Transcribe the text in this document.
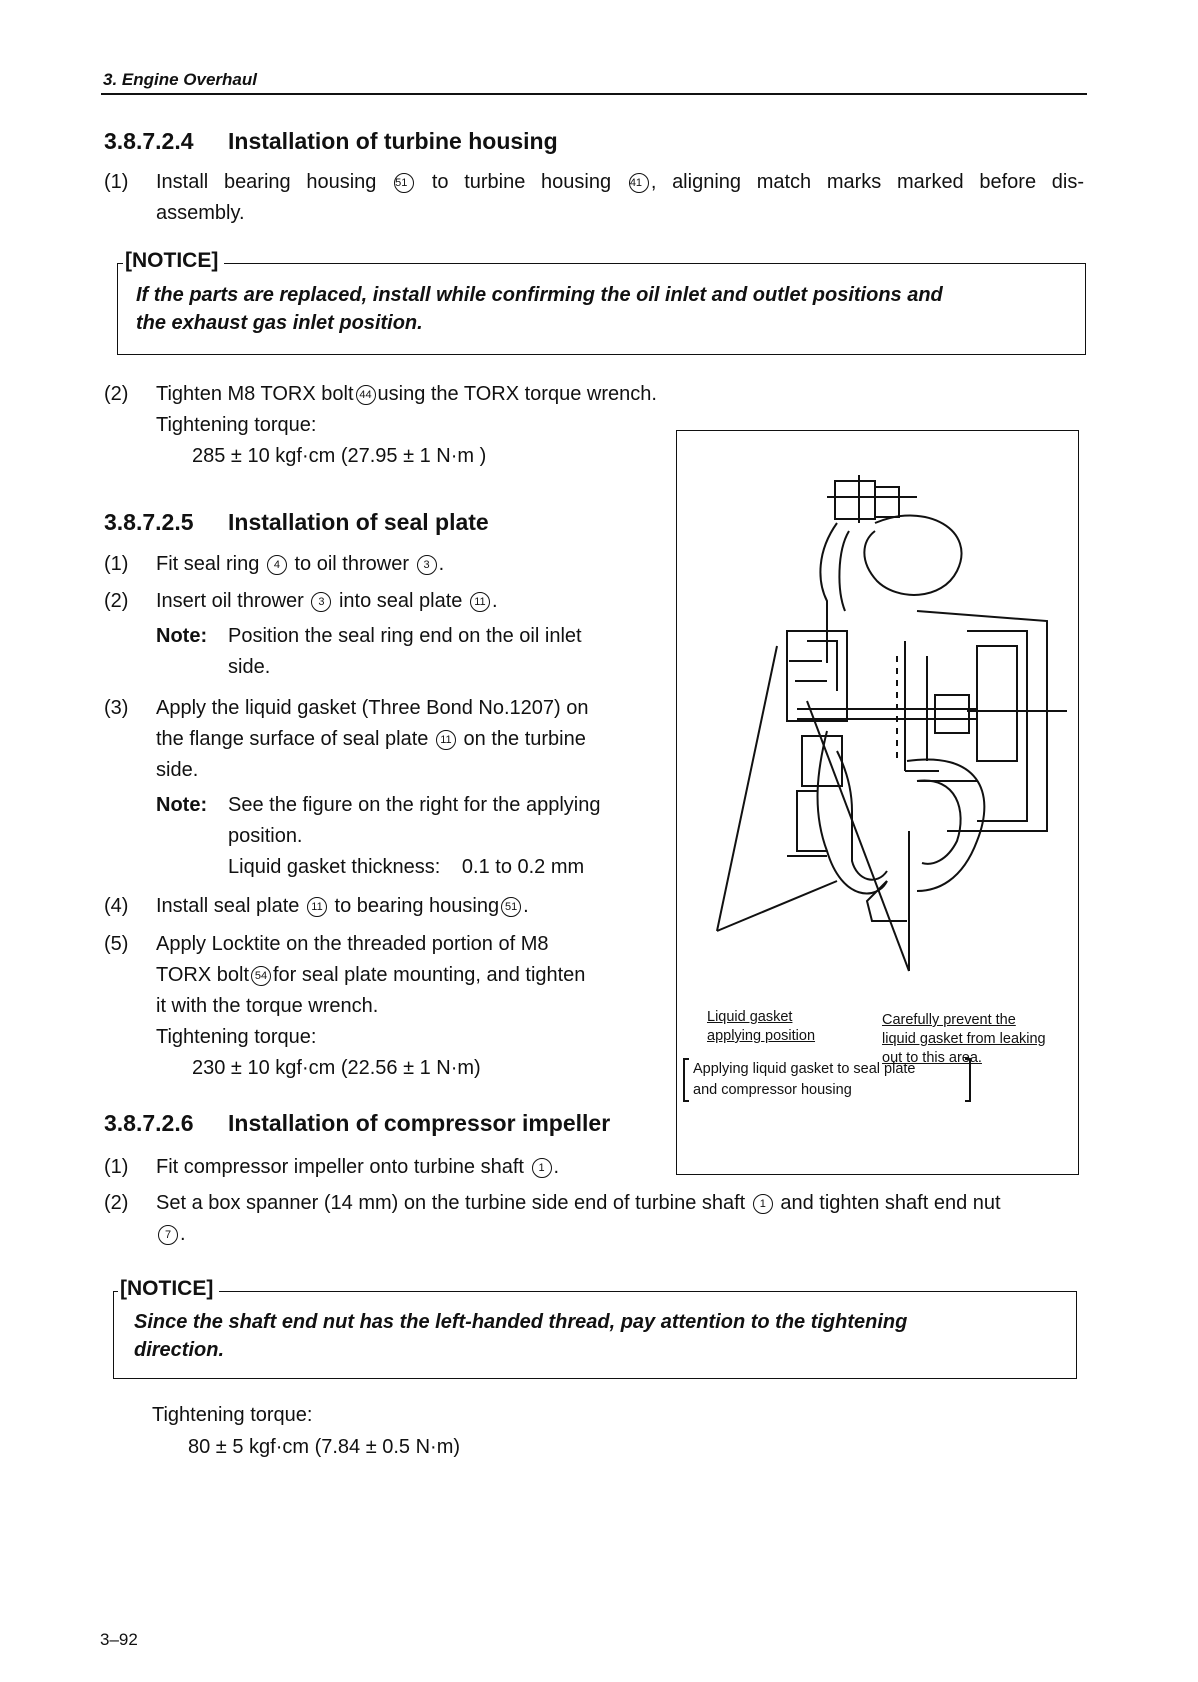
3. Engine Overhaul
3.8.7.2.4 Installation of turbine housing
(1) Install bearing housing 51 to turbine housing 41 , aligning match marks marked before dis-
assembly.
[NOTICE]
If the parts are replaced, install while confirming the oil inlet and outlet positions and
the exhaust gas inlet position.
(2) Tighten M8 TORX bolt 44 using the TORX torque wrench.
Tightening torque:
285 ± 10 kgf·cm (27.95 ± 1 N·m )
3.8.7.2.5 Installation of seal plate
(1) Fit seal ring 4 to oil thrower 3 .
(2) Insert oil thrower 3 into seal plate 11 .
Note: Position the seal ring end on the oil inlet
side.
(3) Apply the liquid gasket (Three Bond No.1207) on
the flange surface of seal plate 11 on the turbine
side.
Note: See the figure on the right for the applying
position.
Liquid gasket thickness: 0.1 to 0.2 mm
(4) Install seal plate 11 to bearing housing 51 .
(5) Apply Locktite on the threaded portion of M8
TORX bolt 54 for seal plate mounting, and tighten
it with the torque wrench.
Tightening torque:
230 ± 10 kgf·cm (22.56 ± 1 N·m)
Liquid gasket
applying position
Carefully prevent the
liquid gasket from leaking
out to this area.
Applying liquid gasket to seal plate
and compressor housing
3.8.7.2.6 Installation of compressor impeller
(1) Fit compressor impeller onto turbine shaft 1 .
(2) Set a box spanner (14 mm) on the turbine side end of turbine shaft 1 and tighten shaft end nut
7 .
[NOTICE]
Since the shaft end nut has the left-handed thread, pay attention to the tightening
direction.
Tightening torque:
80 ± 5 kgf·cm (7.84 ± 0.5 N·m)
3–92
